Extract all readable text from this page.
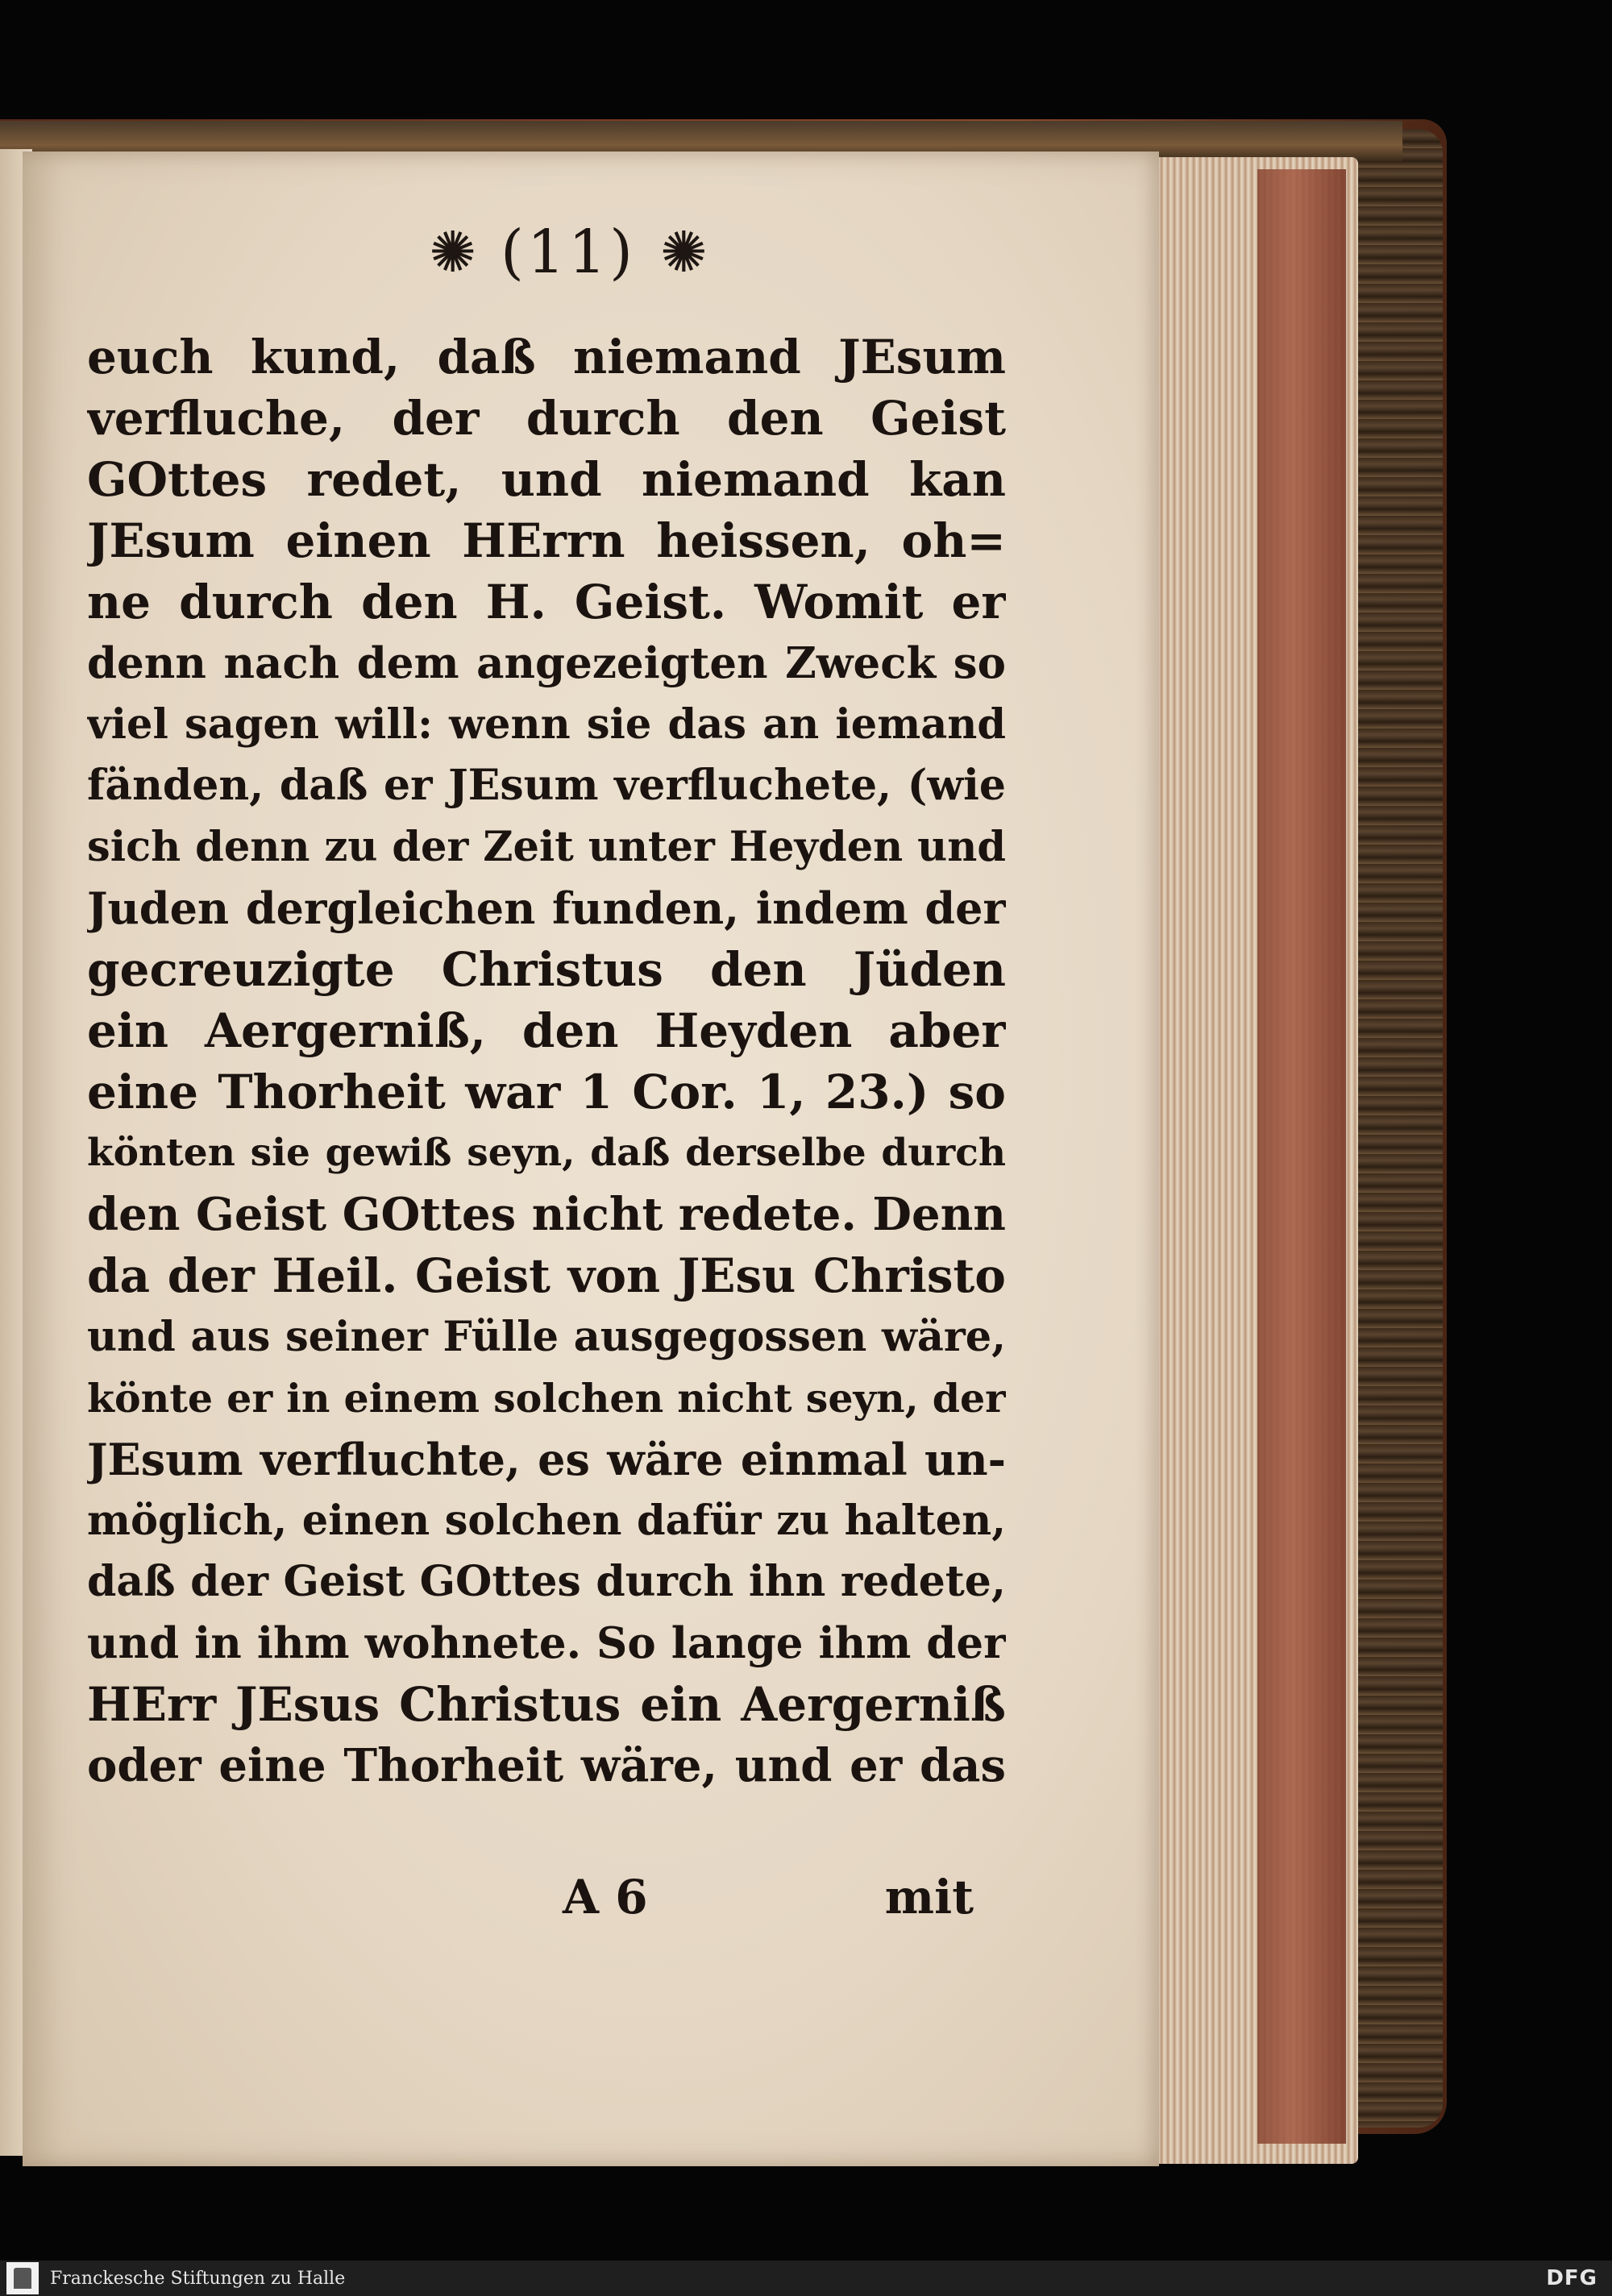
✺ (11) ✺
euch kund, daß niemand JEsum
verfluche, der durch den Geist
GOttes redet, und niemand kan
JEsum einen HErrn heissen, oh=
ne durch den H. Geist. Womit er
denn nach dem angezeigten Zweck so
viel sagen will: wenn sie das an iemand
fänden, daß er JEsum verfluchete, (wie
sich denn zu der Zeit unter Heyden und
Juden dergleichen funden, indem der
gecreuzigte Christus den Jüden
ein Aergerniß, den Heyden aber
eine Thorheit war 1 Cor. 1, 23.) so
könten sie gewiß seyn, daß derselbe durch
den Geist GOttes nicht redete. Denn
da der Heil. Geist von JEsu Christo
und aus seiner Fülle ausgegossen wäre,
könte er in einem solchen nicht seyn, der
JEsum verfluchte, es wäre einmal un-
möglich, einen solchen dafür zu halten,
daß der Geist GOttes durch ihn redete,
und in ihm wohnete. So lange ihm der
HErr JEsus Christus ein Aergerniß
oder eine Thorheit wäre, und er das
A 6	mit
Franckesche Stiftungen zu Halle	DFG
